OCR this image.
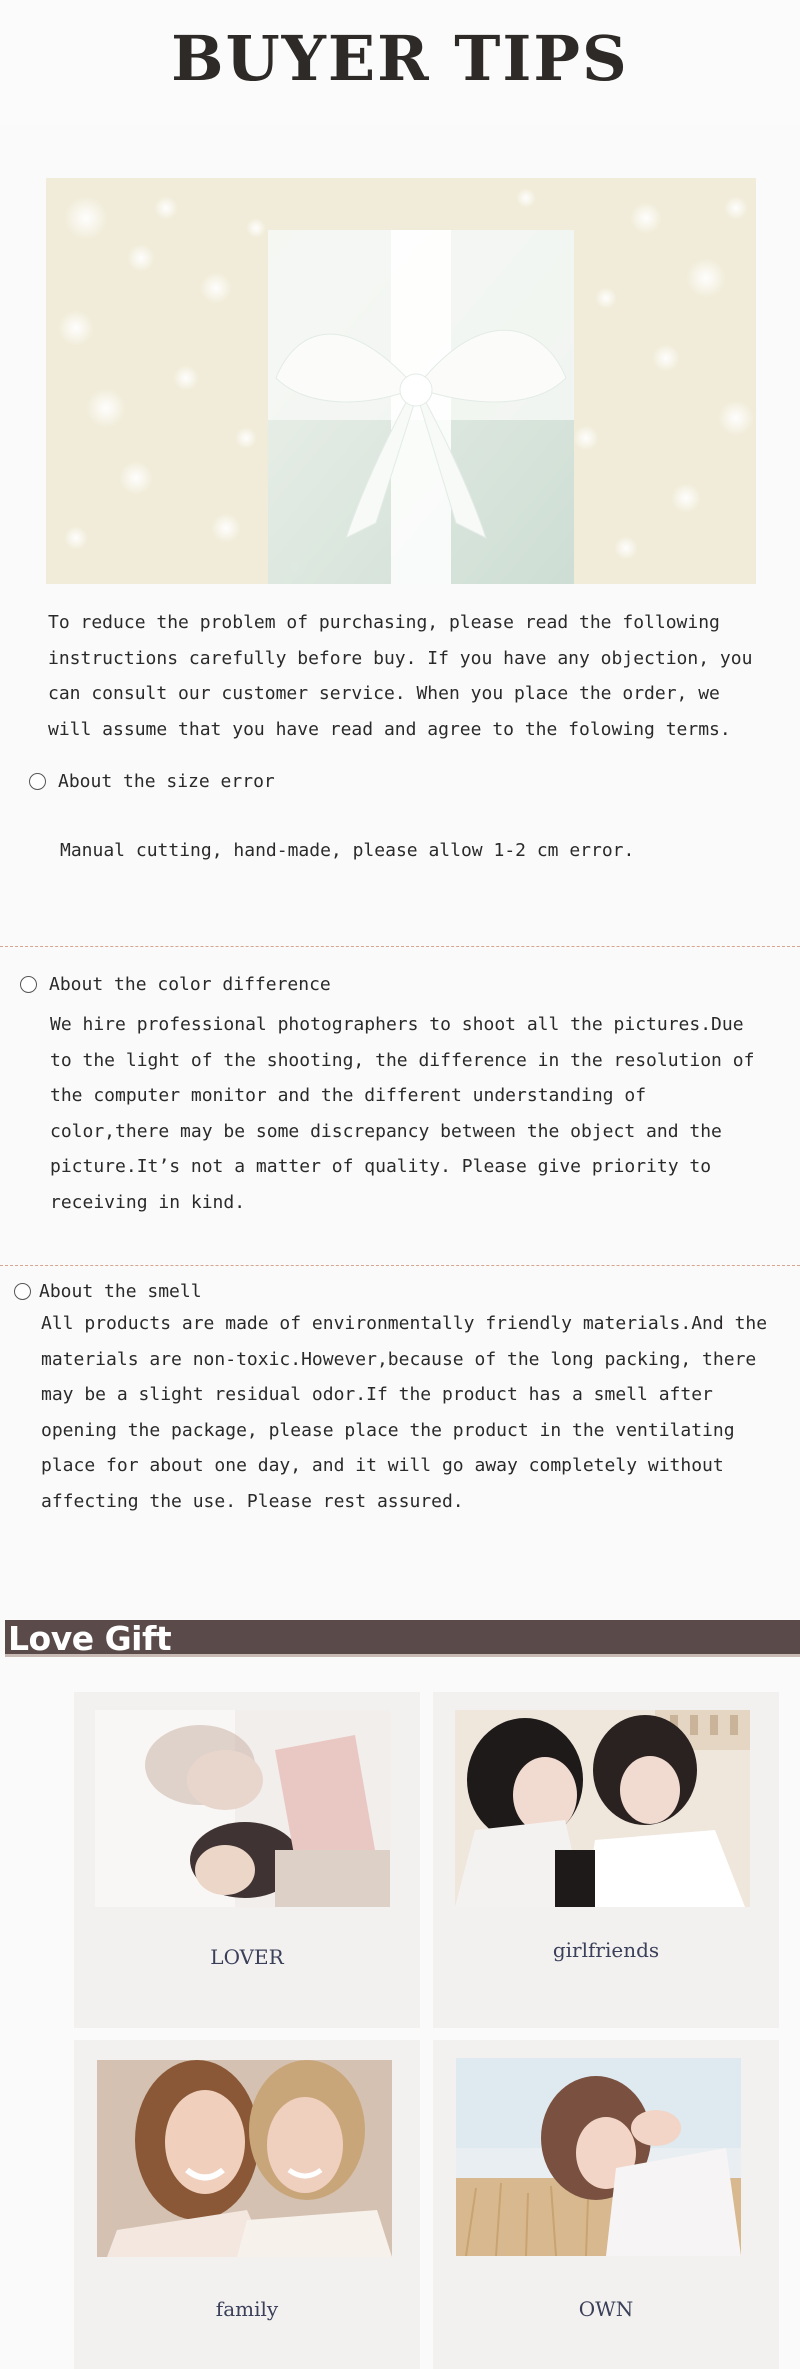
BUYER TIPS

To reduce the problem of purchasing, please read the following instructions carefully before buy. If you have any objection, you can consult our customer service. When you place the order, we will assume that you have read and agree to the folowing terms.

About the size error

Manual cutting, hand-made, please allow 1-2 cm error.

About the color difference

We hire professional photographers to shoot all the pictures.Due to the light of the shooting, the difference in the resolution of the computer monitor and the different understanding of color,there may be some discrepancy between the object and the picture.It’s not a matter of quality. Please give priority to receiving in kind.

About the smell

All products are made of environmentally friendly materials.And the materials are non-toxic.However,because of the long packing, there may be a slight residual odor.If the product has a smell after opening the package, please place the product in the ventilating place for about one day, and it will go away completely without affecting the use. Please rest assured.

Love Gift
LOVER	girlfriends
family	OWN
